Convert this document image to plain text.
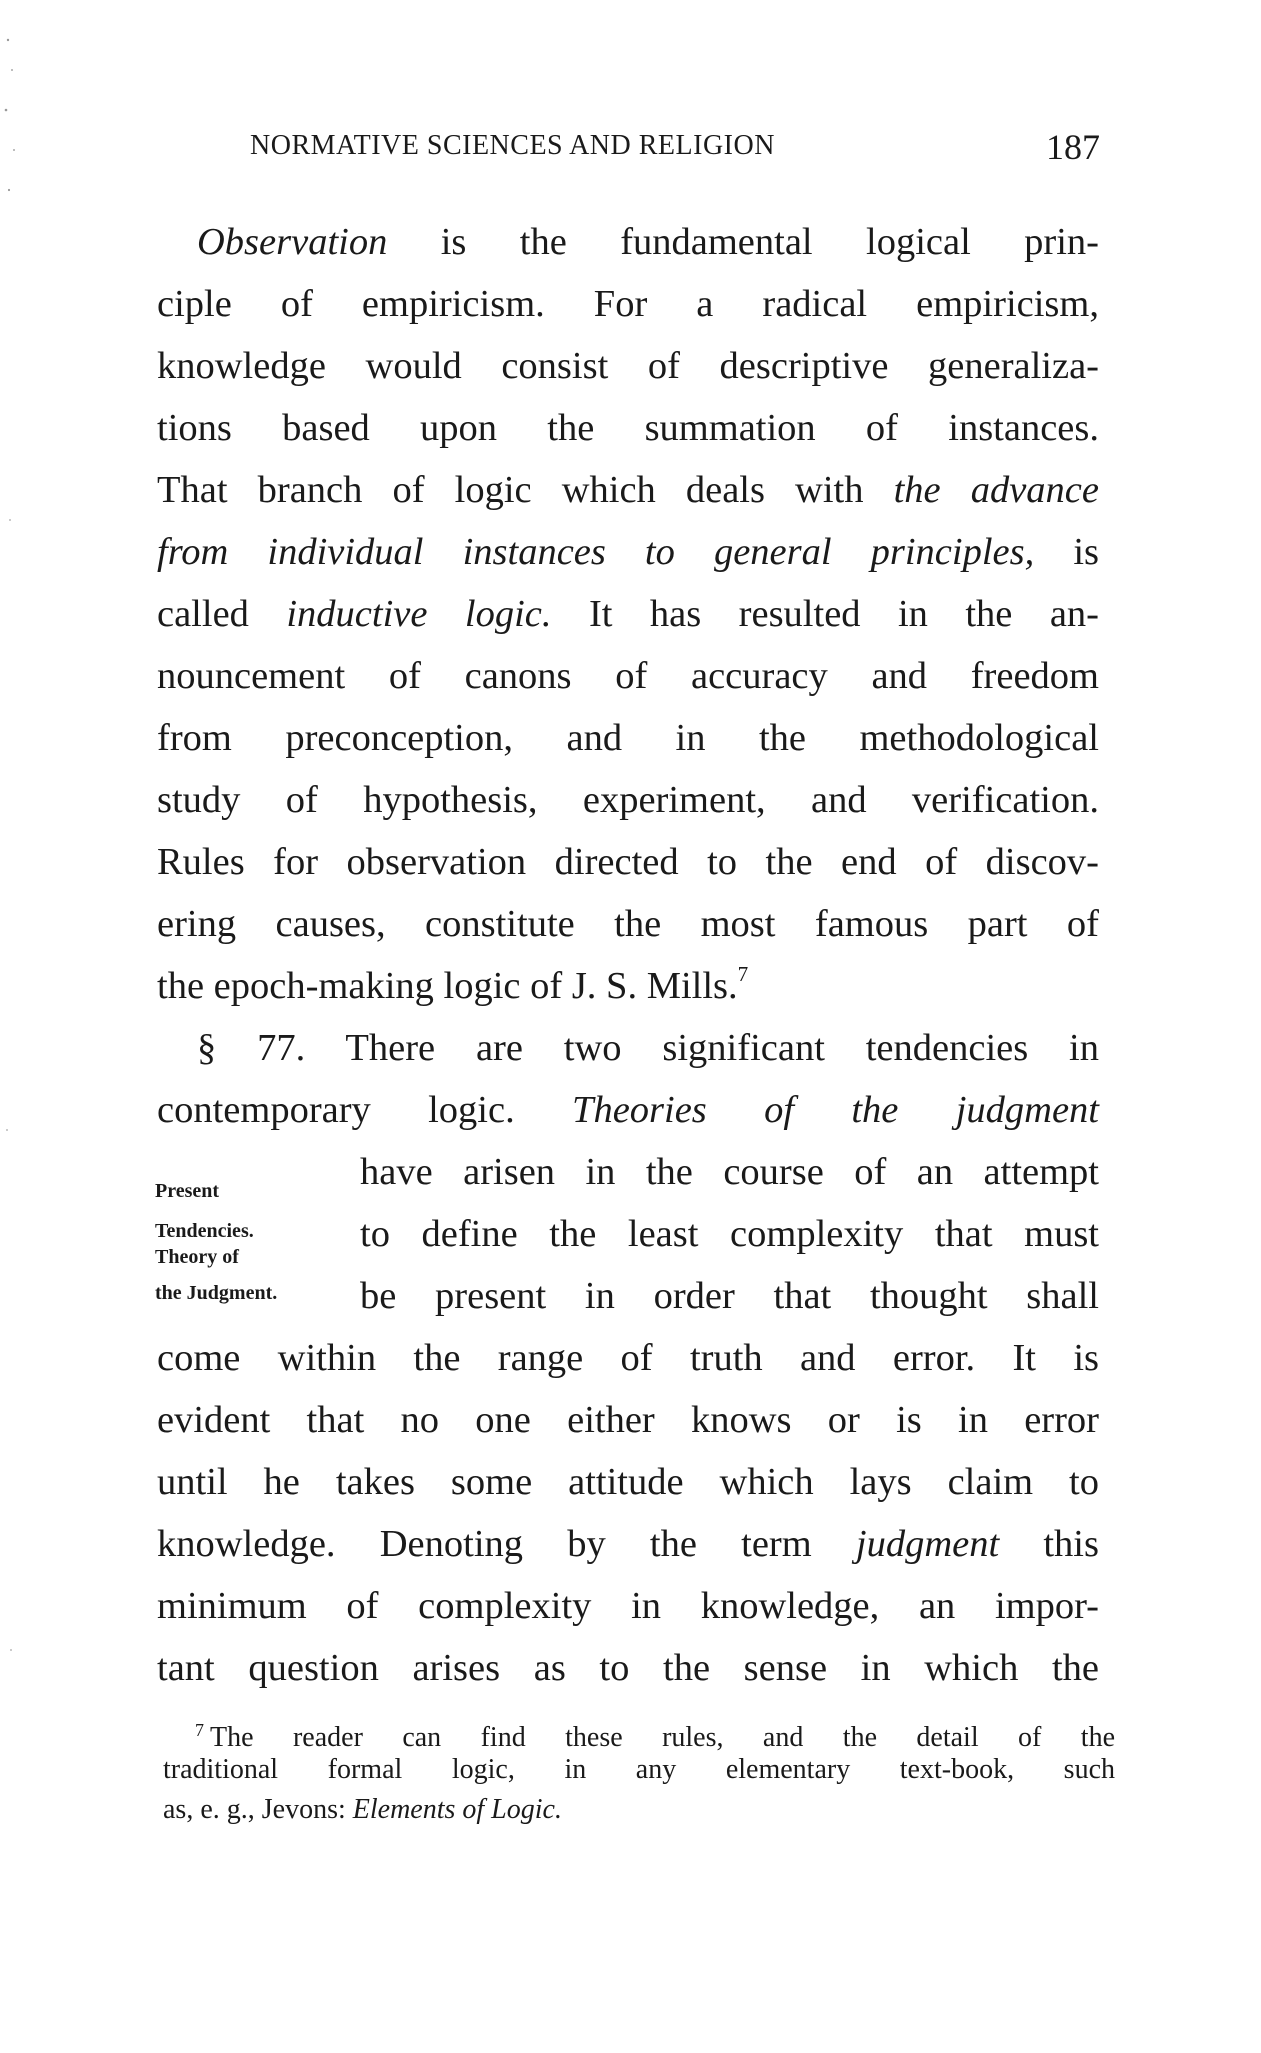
NORMATIVE SCIENCES AND RELIGION	187
Observation is the fundamental logical prin-
ciple of empiricism. For a radical empiricism,
knowledge would consist of descriptive generaliza-
tions based upon the summation of instances.
That branch of logic which deals with the advance
from individual instances to general principles, is
called inductive logic. It has resulted in the an-
nouncement of canons of accuracy and freedom
from preconception, and in the methodological
study of hypothesis, experiment, and verification.
Rules for observation directed to the end of discov-
ering causes, constitute the most famous part of
the epoch-making logic of J. S. Mills.$^7$
§ 77. There are two significant tendencies in
contemporary logic. Theories of the judgment
Present
Tendencies.
Theory of
the Judgment.
have arisen in the course of an attempt
to define the least complexity that must
be present in order that thought shall
come within the range of truth and error. It is
evident that no one either knows or is in error
until he takes some attitude which lays claim to
knowledge. Denoting by the term judgment this
minimum of complexity in knowledge, an impor-
tant question arises as to the sense in which the
$^7$ The reader can find these rules, and the detail of the
traditional formal logic, in any elementary text-book, such
as, e. g., Jevons: Elements of Logic.
